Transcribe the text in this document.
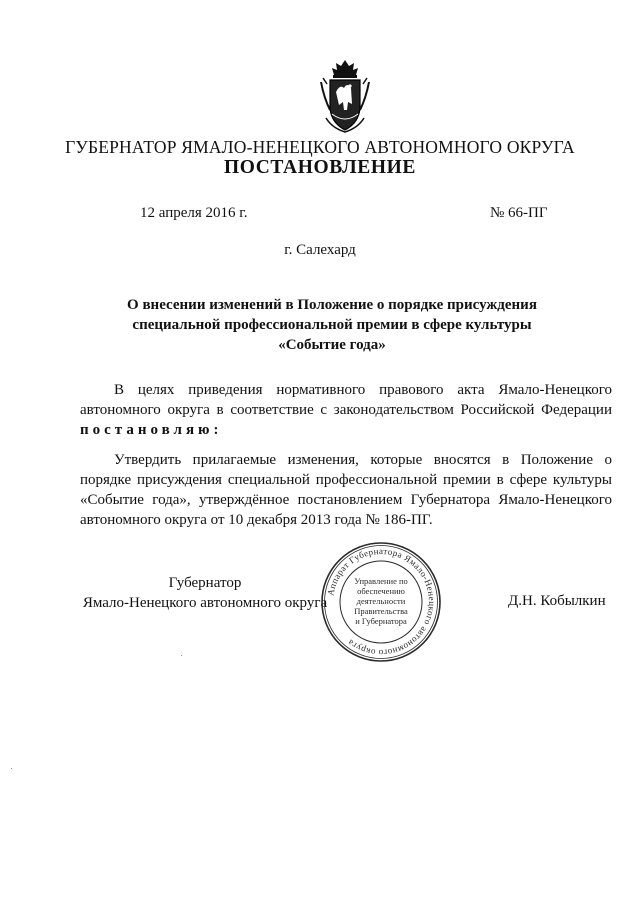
ГУБЕРНАТОР ЯМАЛО-НЕНЕЦКОГО АВТОНОМНОГО ОКРУГА
ПОСТАНОВЛЕНИЕ
12 апреля 2016 г.	№ 66-ПГ
г. Салехард
О внесении изменений в Положение о порядке присуждения
специальной профессиональной премии в сфере культуры
«Событие года»
В целях приведения нормативного правового акта Ямало-Ненецкого
автономного округа в соответствие с законодательством Российской Федерации
постановляю:
Утвердить прилагаемые изменения, которые вносятся в Положение о
порядке присуждения специальной профессиональной премии в сфере культуры
«Событие года», утверждённое постановлением Губернатора Ямало-Ненецкого
автономного округа от 10 декабря 2013 года № 186-ПГ.
Губернатор
Ямало-Ненецкого автономного округа	Д.Н. Кобылкин
Аппарат Губернатора Ямало-Ненецкого автономного округа
Управление по
обеспечению
деятельности
Правительства
и Губернатора
